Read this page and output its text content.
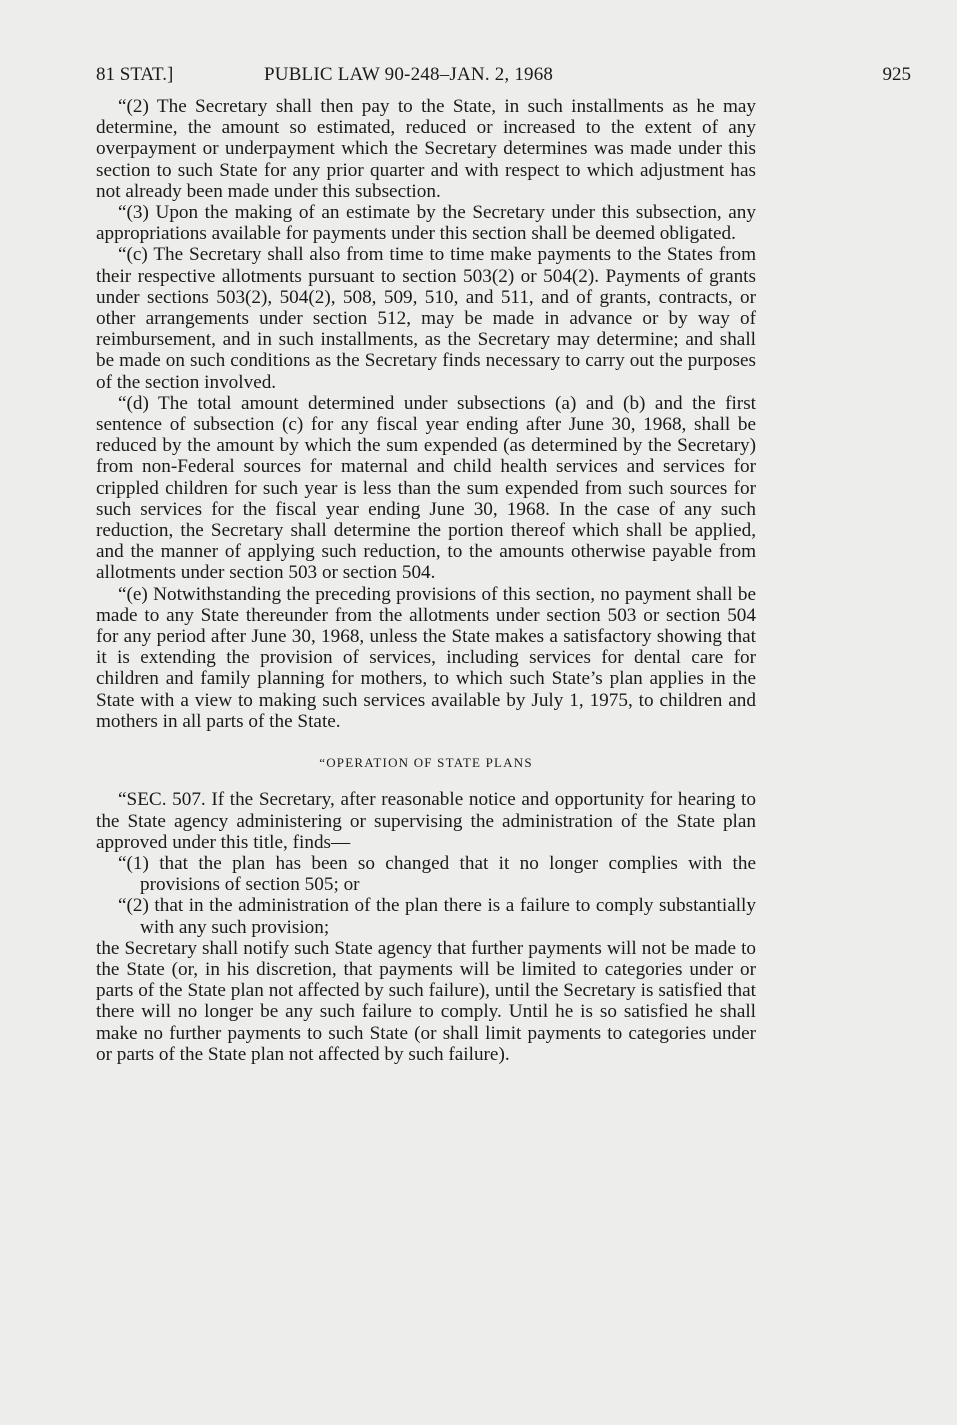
81 STAT.]	PUBLIC LAW 90-248–JAN. 2, 1968	925

“(2) The Secretary shall then pay to the State, in such installments as he may determine, the amount so estimated, reduced or increased to the extent of any overpayment or underpayment which the Secretary determines was made under this section to such State for any prior quarter and with respect to which adjustment has not already been made under this subsection.

“(3) Upon the making of an estimate by the Secretary under this subsection, any appropriations available for payments under this section shall be deemed obligated.

“(c) The Secretary shall also from time to time make payments to the States from their respective allotments pursuant to section 503(2) or 504(2). Payments of grants under sections 503(2), 504(2), 508, 509, 510, and 511, and of grants, contracts, or other arrangements under section 512, may be made in advance or by way of reimbursement, and in such installments, as the Secretary may determine; and shall be made on such conditions as the Secretary finds necessary to carry out the purposes of the section involved.

“(d) The total amount determined under subsections (a) and (b) and the first sentence of subsection (c) for any fiscal year ending after June 30, 1968, shall be reduced by the amount by which the sum expended (as determined by the Secretary) from non-Federal sources for maternal and child health services and services for crippled children for such year is less than the sum expended from such sources for such services for the fiscal year ending June 30, 1968. In the case of any such reduction, the Secretary shall determine the portion thereof which shall be applied, and the manner of applying such reduction, to the amounts otherwise payable from allotments under section 503 or section 504.

“(e) Notwithstanding the preceding provisions of this section, no payment shall be made to any State thereunder from the allotments under section 503 or section 504 for any period after June 30, 1968, unless the State makes a satisfactory showing that it is extending the provision of services, including services for dental care for children and family planning for mothers, to which such State’s plan applies in the State with a view to making such services available by July 1, 1975, to children and mothers in all parts of the State.

“OPERATION OF STATE PLANS

“SEC. 507. If the Secretary, after reasonable notice and opportunity for hearing to the State agency administering or supervising the administration of the State plan approved under this title, finds—

“(1) that the plan has been so changed that it no longer complies with the provisions of section 505; or

“(2) that in the administration of the plan there is a failure to comply substantially with any such provision;

the Secretary shall notify such State agency that further payments will not be made to the State (or, in his discretion, that payments will be limited to categories under or parts of the State plan not affected by such failure), until the Secretary is satisfied that there will no longer be any such failure to comply. Until he is so satisfied he shall make no further payments to such State (or shall limit payments to categories under or parts of the State plan not affected by such failure).
